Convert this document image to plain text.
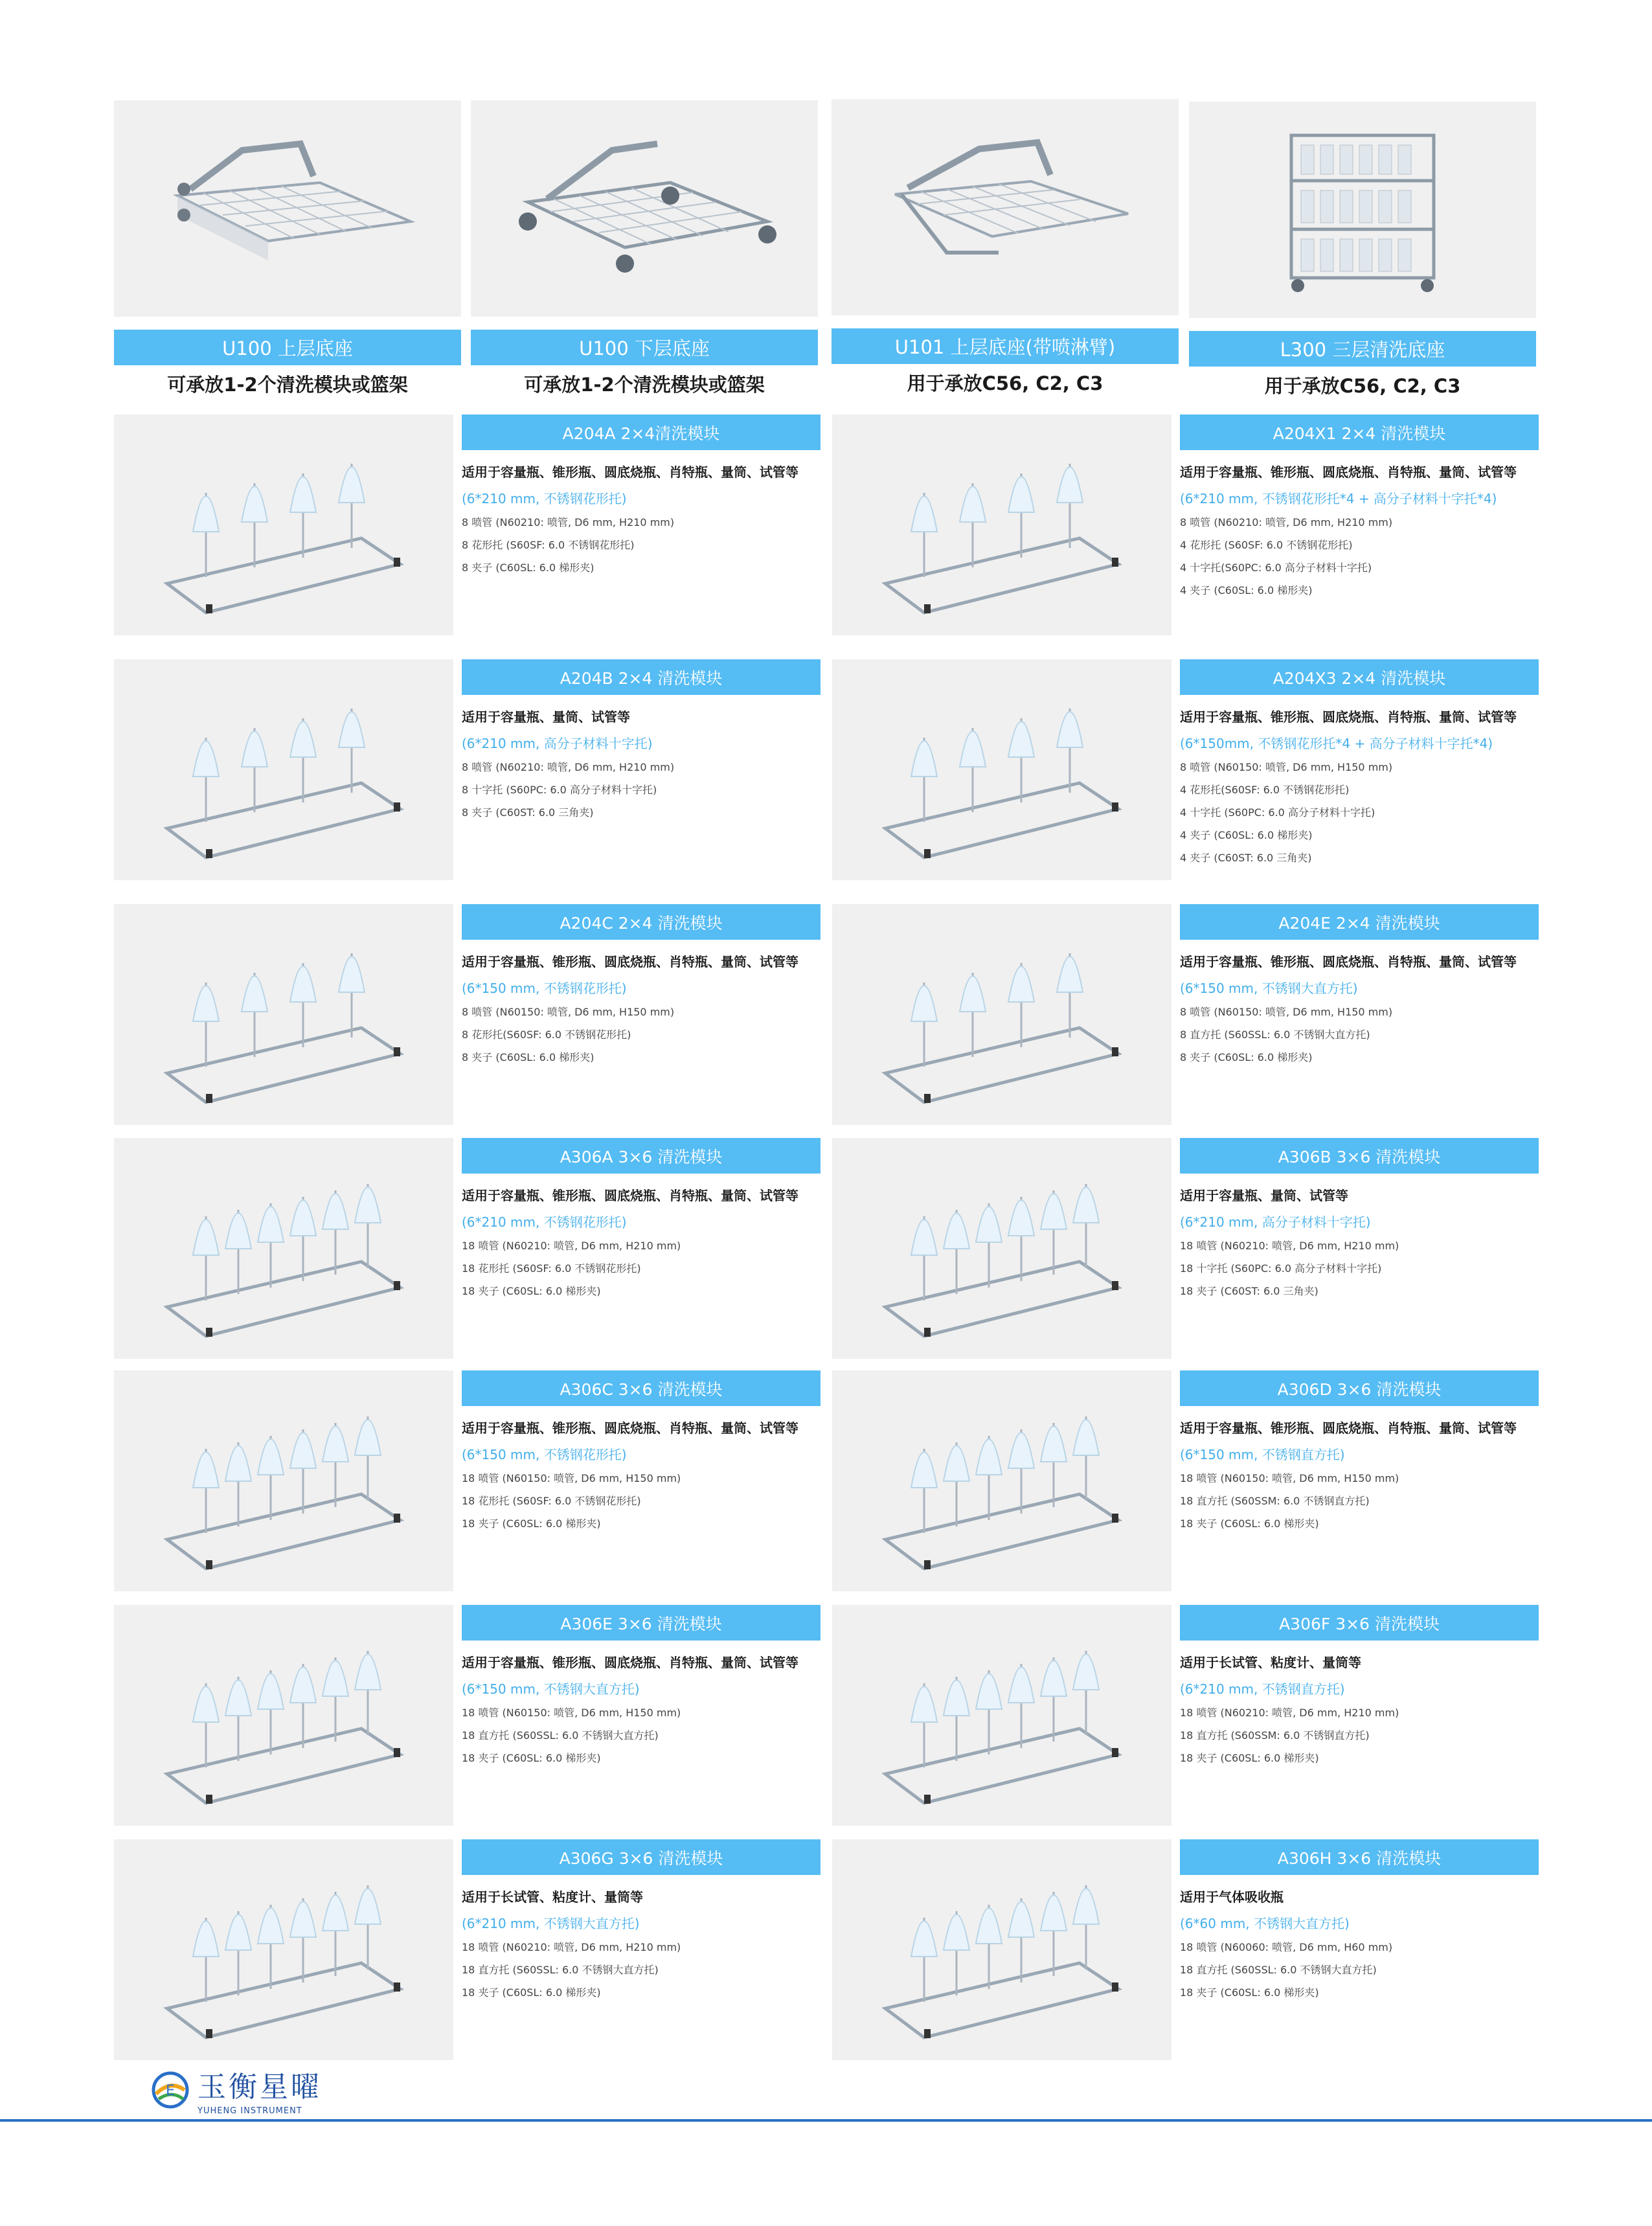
U100 上层底座
可承放1-2个清洗模块或篮架
U100 下层底座
可承放1-2个清洗模块或篮架
U101 上层底座(带喷淋臂)
用于承放C56, C2, C3
L300 三层清洗底座
用于承放C56, C2, C3
A204A 2×4清洗模块
适用于容量瓶、锥形瓶、圆底烧瓶、肖特瓶、量筒、试管等
(6*210 mm, 不锈钢花形托)
8 喷管 (N60210: 喷管, D6 mm, H210 mm)
8 花形托 (S60SF: 6.0 不锈钢花形托)
8 夹子 (C60SL: 6.0 梯形夹)
A204X1 2×4 清洗模块
适用于容量瓶、锥形瓶、圆底烧瓶、肖特瓶、量筒、试管等
(6*210 mm, 不锈钢花形托*4 + 高分子材料十字托*4)
8 喷管 (N60210: 喷管, D6 mm, H210 mm)
4 花形托 (S60SF: 6.0 不锈钢花形托)
4 十字托(S60PC: 6.0 高分子材料十字托)
4 夹子 (C60SL: 6.0 梯形夹)
A204B 2×4 清洗模块
适用于容量瓶、量筒、试管等
(6*210 mm, 高分子材料十字托)
8 喷管 (N60210: 喷管, D6 mm, H210 mm)
8 十字托 (S60PC: 6.0 高分子材料十字托)
8 夹子 (C60ST: 6.0 三角夹)
A204X3 2×4 清洗模块
适用于容量瓶、锥形瓶、圆底烧瓶、肖特瓶、量筒、试管等
(6*150mm, 不锈钢花形托*4 + 高分子材料十字托*4)
8 喷管 (N60150: 喷管, D6 mm, H150 mm)
4 花形托(S60SF: 6.0 不锈钢花形托)
4 十字托 (S60PC: 6.0 高分子材料十字托)
4 夹子 (C60SL: 6.0 梯形夹)
4 夹子 (C60ST: 6.0 三角夹)
A204C 2×4 清洗模块
适用于容量瓶、锥形瓶、圆底烧瓶、肖特瓶、量筒、试管等
(6*150 mm, 不锈钢花形托)
8 喷管 (N60150: 喷管, D6 mm, H150 mm)
8 花形托(S60SF: 6.0 不锈钢花形托)
8 夹子 (C60SL: 6.0 梯形夹)
A204E 2×4 清洗模块
适用于容量瓶、锥形瓶、圆底烧瓶、肖特瓶、量筒、试管等
(6*150 mm, 不锈钢大直方托)
8 喷管 (N60150: 喷管, D6 mm, H150 mm)
8 直方托 (S60SSL: 6.0 不锈钢大直方托)
8 夹子 (C60SL: 6.0 梯形夹)
A306A 3×6 清洗模块
适用于容量瓶、锥形瓶、圆底烧瓶、肖特瓶、量筒、试管等
(6*210 mm, 不锈钢花形托)
18 喷管 (N60210: 喷管, D6 mm, H210 mm)
18 花形托 (S60SF: 6.0 不锈钢花形托)
18 夹子 (C60SL: 6.0 梯形夹)
A306B 3×6 清洗模块
适用于容量瓶、量筒、试管等
(6*210 mm, 高分子材料十字托)
18 喷管 (N60210: 喷管, D6 mm, H210 mm)
18 十字托 (S60PC: 6.0 高分子材料十字托)
18 夹子 (C60ST: 6.0 三角夹)
A306C 3×6 清洗模块
适用于容量瓶、锥形瓶、圆底烧瓶、肖特瓶、量筒、试管等
(6*150 mm, 不锈钢花形托)
18 喷管 (N60150: 喷管, D6 mm, H150 mm)
18 花形托 (S60SF: 6.0 不锈钢花形托)
18 夹子 (C60SL: 6.0 梯形夹)
A306D 3×6 清洗模块
适用于容量瓶、锥形瓶、圆底烧瓶、肖特瓶、量筒、试管等
(6*150 mm, 不锈钢直方托)
18 喷管 (N60150: 喷管, D6 mm, H150 mm)
18 直方托 (S60SSM: 6.0 不锈钢直方托)
18 夹子 (C60SL: 6.0 梯形夹)
A306E 3×6 清洗模块
适用于容量瓶、锥形瓶、圆底烧瓶、肖特瓶、量筒、试管等
(6*150 mm, 不锈钢大直方托)
18 喷管 (N60150: 喷管, D6 mm, H150 mm)
18 直方托 (S60SSL: 6.0 不锈钢大直方托)
18 夹子 (C60SL: 6.0 梯形夹)
A306F 3×6 清洗模块
适用于长试管、粘度计、量筒等
(6*210 mm, 不锈钢直方托)
18 喷管 (N60210: 喷管, D6 mm, H210 mm)
18 直方托 (S60SSM: 6.0 不锈钢直方托)
18 夹子 (C60SL: 6.0 梯形夹)
A306G 3×6 清洗模块
适用于长试管、粘度计、量筒等
(6*210 mm, 不锈钢大直方托)
18 喷管 (N60210: 喷管, D6 mm, H210 mm)
18 直方托 (S60SSL: 6.0 不锈钢大直方托)
18 夹子 (C60SL: 6.0 梯形夹)
A306H 3×6 清洗模块
适用于气体吸收瓶
(6*60 mm, 不锈钢大直方托)
18 喷管 (N60060: 喷管, D6 mm, H60 mm)
18 直方托 (S60SSL: 6.0 不锈钢大直方托)
18 夹子 (C60SL: 6.0 梯形夹)
E 玉衡星曜
YUHENG INSTRUMENT
